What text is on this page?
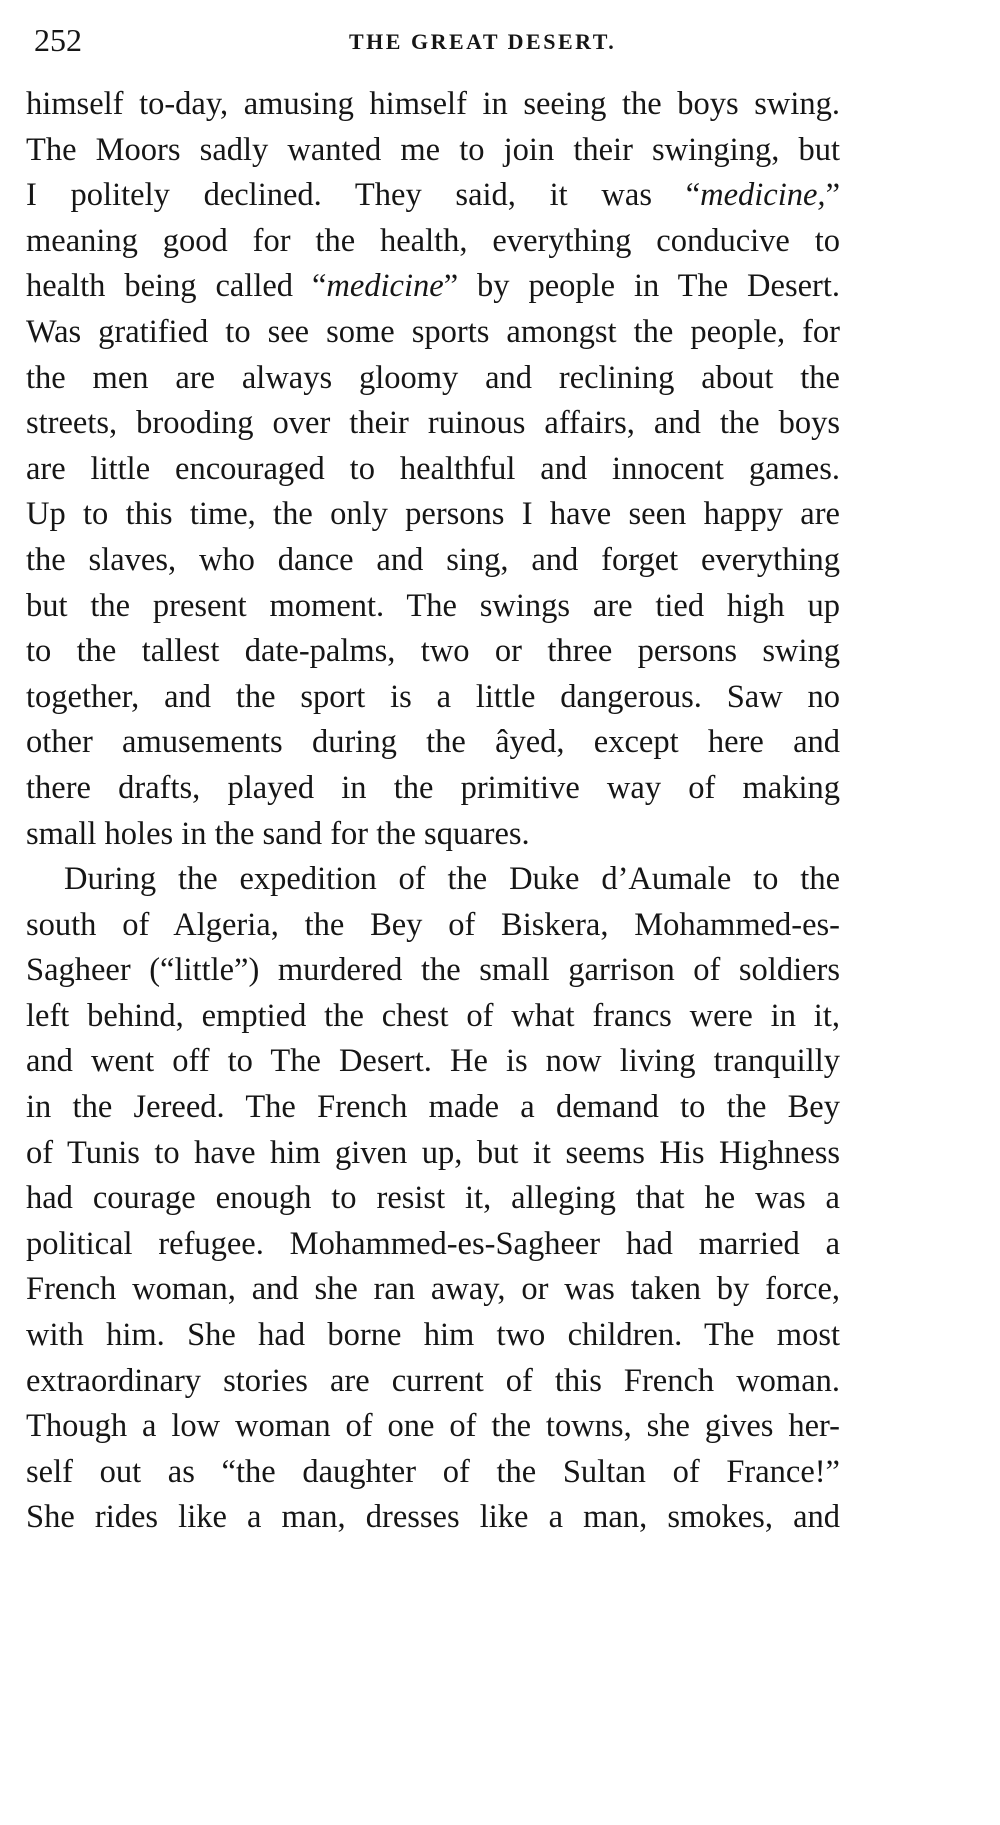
252	THE GREAT DESERT.
himself to-day, amusing himself in seeing the boys swing.
The Moors sadly wanted me to join their swinging, but
I politely declined. They said, it was “medicine,”
meaning good for the health, everything conducive to
health being called “medicine” by people in The Desert.
Was gratified to see some sports amongst the people, for
the men are always gloomy and reclining about the
streets, brooding over their ruinous affairs, and the boys
are little encouraged to healthful and innocent games.
Up to this time, the only persons I have seen happy are
the slaves, who dance and sing, and forget everything
but the present moment. The swings are tied high up
to the tallest date-palms, two or three persons swing
together, and the sport is a little dangerous. Saw no
other amusements during the âyed, except here and
there drafts, played in the primitive way of making
small holes in the sand for the squares.
During the expedition of the Duke d’Aumale to the
south of Algeria, the Bey of Biskera, Mohammed-es-
Sagheer (“little”) murdered the small garrison of soldiers
left behind, emptied the chest of what francs were in it,
and went off to The Desert. He is now living tranquilly
in the Jereed. The French made a demand to the Bey
of Tunis to have him given up, but it seems His Highness
had courage enough to resist it, alleging that he was a
political refugee. Mohammed-es-Sagheer had married a
French woman, and she ran away, or was taken by force,
with him. She had borne him two children. The most
extraordinary stories are current of this French woman.
Though a low woman of one of the towns, she gives her-
self out as “the daughter of the Sultan of France!”
She rides like a man, dresses like a man, smokes, and
